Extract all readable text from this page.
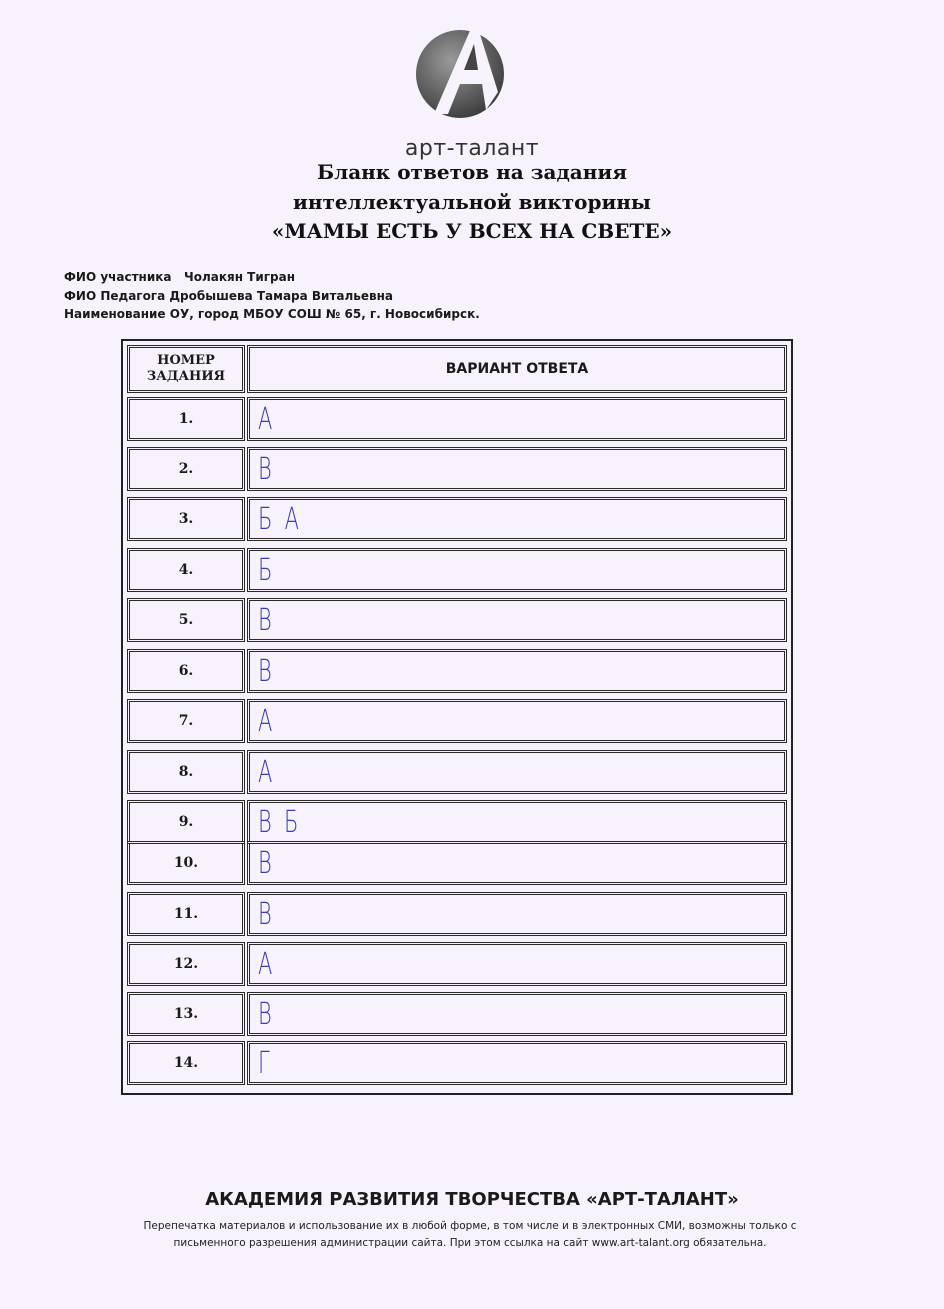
арт-талант
Бланк ответов на задания
интеллектуальной викторины
«МАМЫ ЕСТЬ У ВСЕХ НА СВЕТЕ»
ФИО участника   Чолакян Тигран
ФИО Педагога Дробышева Тамара Витальевна
Наименование ОУ, город МБОУ СОШ № 65, г. Новосибирск.
НОМЕР
ЗАДАНИЯ	ВАРИАНТ ОТВЕТА
1.	А
2.	В
3.	Б А
4.	Б
5.	В
6.	В
7.	А
8.	А
9.	В Б
10.	В
11.	В
12.	А
13.	В
14.	Г
АКАДЕМИЯ РАЗВИТИЯ ТВОРЧЕСТВА «АРТ-ТАЛАНТ»
Перепечатка материалов и использование их в любой форме, в том числе и в электронных СМИ, возможны только с
письменного разрешения администрации сайта. При этом ссылка на сайт www.art-talant.org обязательна.
